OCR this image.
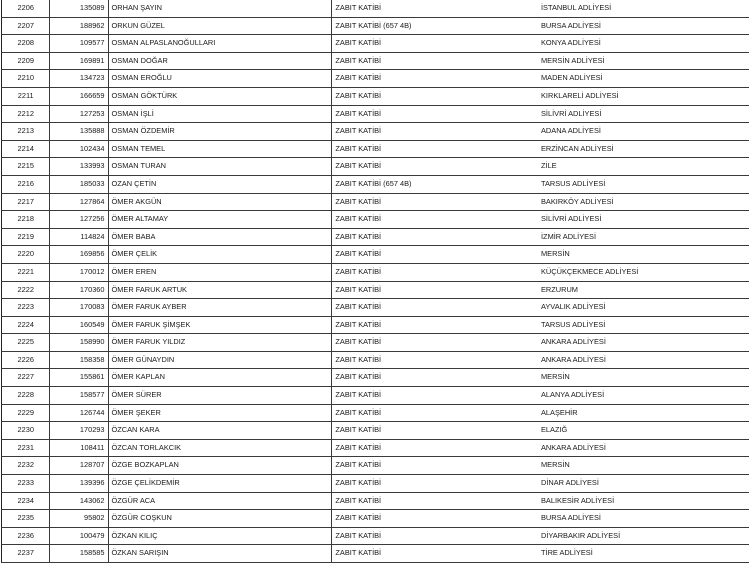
2206	135089	ORHAN ŞAYIN	ZABIT KATİBİ	İSTANBUL ADLİYESİ
2207	188962	ORKUN GÜZEL	ZABIT KATİBİ (657 4B)	BURSA ADLİYESİ
2208	109577	OSMAN ALPASLANOĞULLARI	ZABIT KATİBİ	KONYA ADLİYESİ
2209	169891	OSMAN DOĞAR	ZABIT KATİBİ	MERSİN ADLİYESİ
2210	134723	OSMAN EROĞLU	ZABIT KATİBİ	MADEN ADLİYESİ
2211	166659	OSMAN GÖKTÜRK	ZABIT KATİBİ	KIRKLARELİ ADLİYESİ
2212	127253	OSMAN İŞLİ	ZABIT KATİBİ	SİLİVRİ ADLİYESİ
2213	135888	OSMAN ÖZDEMİR	ZABIT KATİBİ	ADANA ADLİYESİ
2214	102434	OSMAN TEMEL	ZABIT KATİBİ	ERZİNCAN ADLİYESİ
2215	133993	OSMAN TURAN	ZABIT KATİBİ	ZİLE
2216	185033	OZAN ÇETİN	ZABIT KATİBİ (657 4B)	TARSUS ADLİYESİ
2217	127864	ÖMER AKGÜN	ZABIT KATİBİ	BAKIRKÖY ADLİYESİ
2218	127256	ÖMER ALTAMAY	ZABIT KATİBİ	SİLİVRİ ADLİYESİ
2219	114824	ÖMER BABA	ZABIT KATİBİ	İZMİR ADLİYESİ
2220	169856	ÖMER ÇELİK	ZABIT KATİBİ	MERSİN
2221	170012	ÖMER EREN	ZABIT KATİBİ	KÜÇÜKÇEKMECE ADLİYESİ
2222	170360	ÖMER FARUK ARTUK	ZABIT KATİBİ	ERZURUM
2223	170083	ÖMER FARUK AYBER	ZABIT KATİBİ	AYVALIK ADLİYESİ
2224	160549	ÖMER FARUK ŞİMŞEK	ZABIT KATİBİ	TARSUS ADLİYESİ
2225	158990	ÖMER FARUK YILDIZ	ZABIT KATİBİ	ANKARA ADLİYESİ
2226	158358	ÖMER GÜNAYDIN	ZABIT KATİBİ	ANKARA ADLİYESİ
2227	155861	ÖMER KAPLAN	ZABIT KATİBİ	MERSİN
2228	158577	ÖMER SÜRER	ZABIT KATİBİ	ALANYA ADLİYESİ
2229	126744	ÖMER ŞEKER	ZABIT KATİBİ	ALAŞEHİR
2230	170293	ÖZCAN KARA	ZABIT KATİBİ	ELAZIĞ
2231	108411	ÖZCAN TORLAKCIK	ZABIT KATİBİ	ANKARA ADLİYESİ
2232	128707	ÖZGE BOZKAPLAN	ZABIT KATİBİ	MERSİN
2233	139396	ÖZGE ÇELİKDEMİR	ZABIT KATİBİ	DİNAR ADLİYESİ
2234	143062	ÖZGÜR ACA	ZABIT KATİBİ	BALIKESİR ADLİYESİ
2235	95802	ÖZGÜR COŞKUN	ZABIT KATİBİ	BURSA ADLİYESİ
2236	100479	ÖZKAN KILIÇ	ZABIT KATİBİ	DİYARBAKIR ADLİYESİ
2237	158585	ÖZKAN SARIŞIN	ZABIT KATİBİ	TİRE ADLİYESİ
